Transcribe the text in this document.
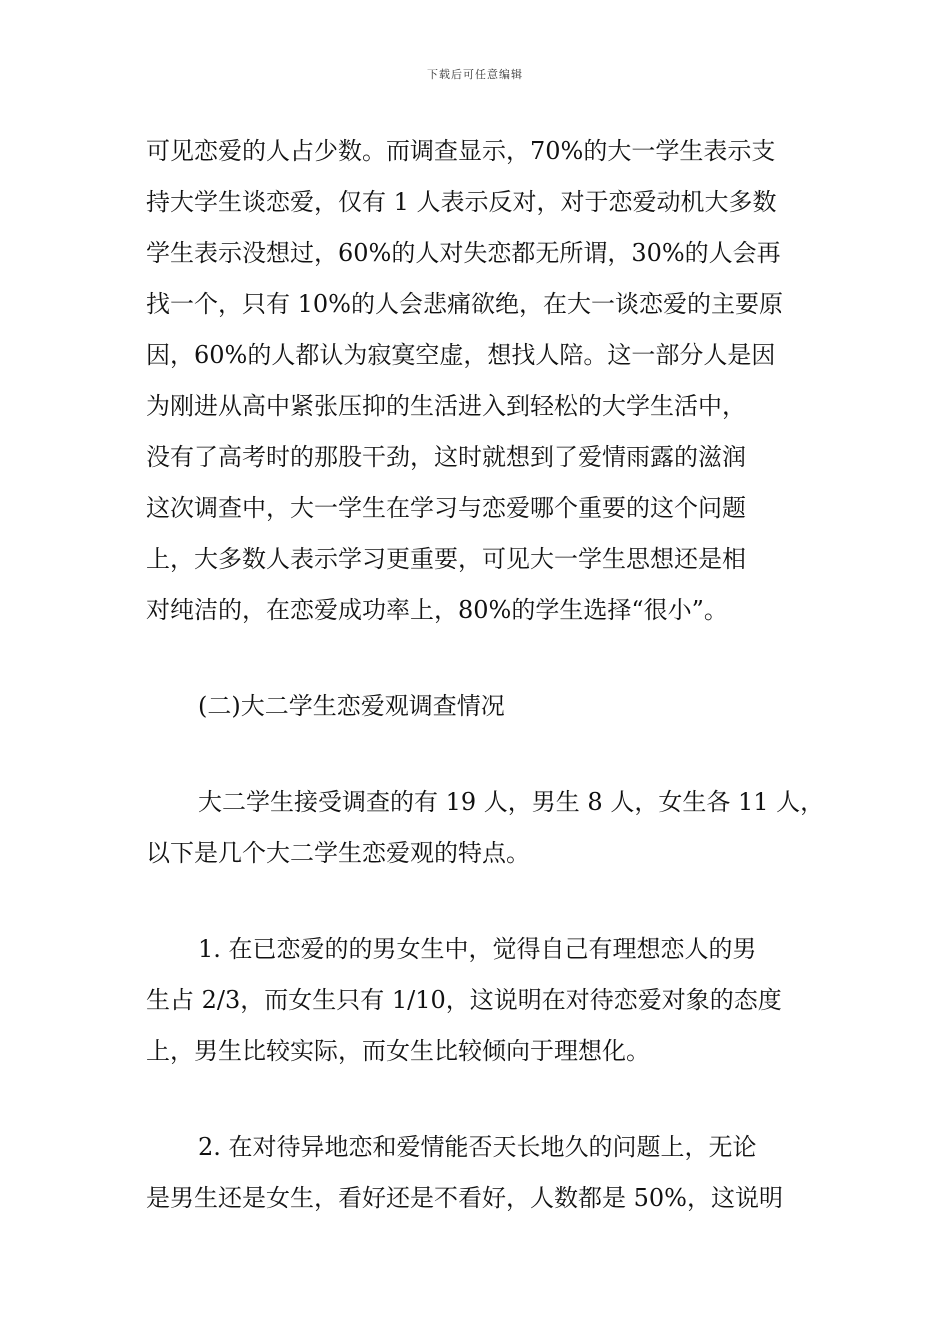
下载后可任意编辑

可见恋爱的人占少数。而调查显示，70%的大一学生表示支
持大学生谈恋爱，仅有 1 人表示反对，对于恋爱动机大多数
学生表示没想过，60%的人对失恋都无所谓，30%的人会再
找一个，只有 10%的人会悲痛欲绝，在大一谈恋爱的主要原
因，60%的人都认为寂寞空虚，想找人陪。这一部分人是因
为刚进从高中紧张压抑的生活进入到轻松的大学生活中，
没有了高考时的那股干劲，这时就想到了爱情雨露的滋润
这次调查中，大一学生在学习与恋爱哪个重要的这个问题
上，大多数人表示学习更重要，可见大一学生思想还是相
对纯洁的，在恋爱成功率上，80%的学生选择“很小”。

(二)大二学生恋爱观调查情况

大二学生接受调查的有 19 人，男生 8 人，女生各 11 人，
以下是几个大二学生恋爱观的特点。

1. 在已恋爱的的男女生中，觉得自己有理想恋人的男
生占 2/3，而女生只有 1/10，这说明在对待恋爱对象的态度
上，男生比较实际，而女生比较倾向于理想化。

2. 在对待异地恋和爱情能否天长地久的问题上，无论
是男生还是女生，看好还是不看好，人数都是 50%，这说明
